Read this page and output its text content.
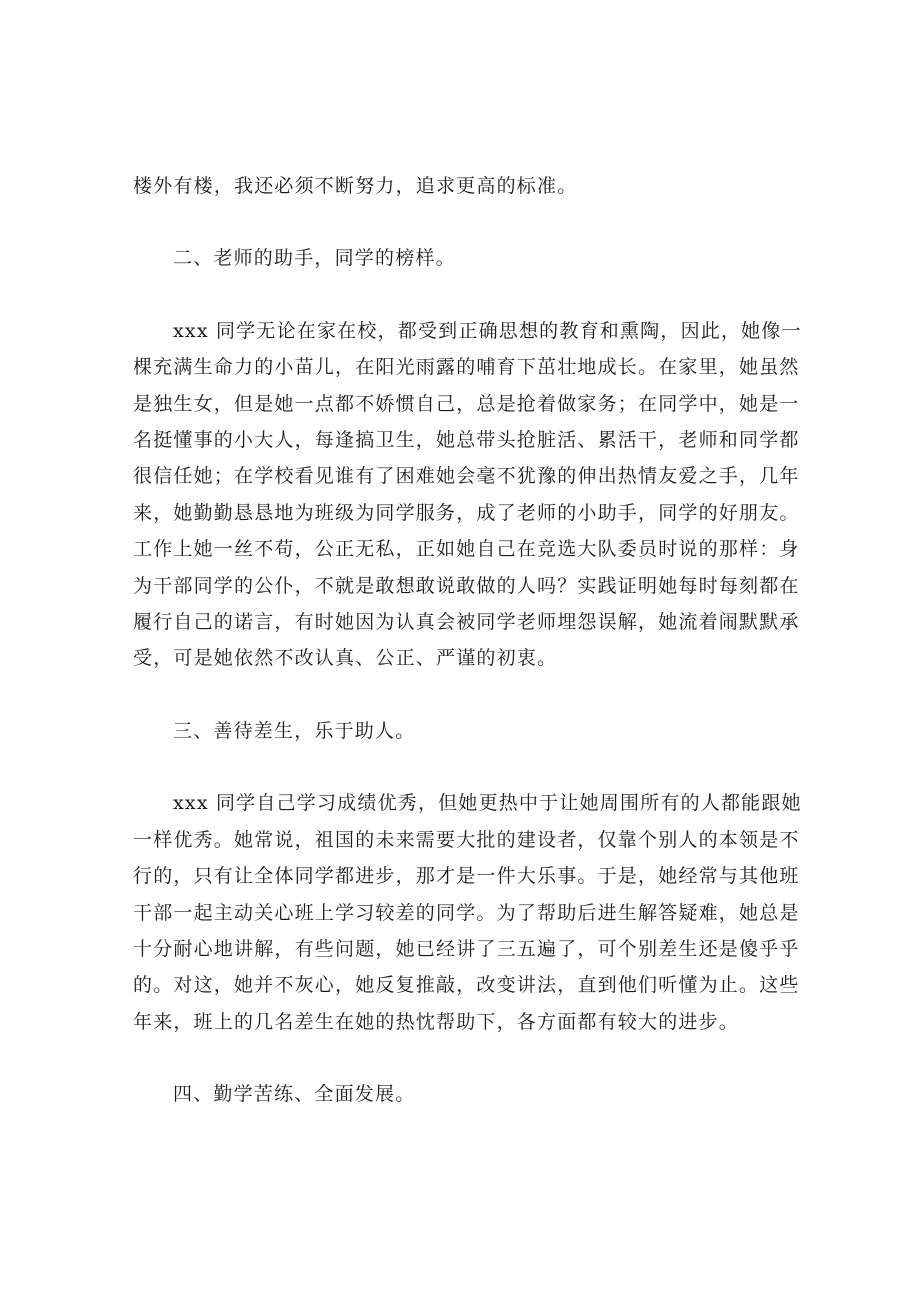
楼外有楼，我还必须不断努力，追求更高的标准。

二、老师的助手，同学的榜样。

xxx 同学无论在家在校，都受到正确思想的教育和熏陶，因此，她像一
棵充满生命力的小苗儿，在阳光雨露的哺育下茁壮地成长。在家里，她虽然
是独生女，但是她一点都不娇惯自己，总是抢着做家务；在同学中，她是一
名挺懂事的小大人，每逢搞卫生，她总带头抢脏活、累活干，老师和同学都
很信任她；在学校看见谁有了困难她会毫不犹豫的伸出热情友爱之手，几年
来，她勤勤恳恳地为班级为同学服务，成了老师的小助手，同学的好朋友。
工作上她一丝不苟，公正无私，正如她自己在竞选大队委员时说的那样：身
为干部同学的公仆，不就是敢想敢说敢做的人吗？实践证明她每时每刻都在
履行自己的诺言，有时她因为认真会被同学老师埋怨误解，她流着闹默默承
受，可是她依然不改认真、公正、严谨的初衷。

三、善待差生，乐于助人。

xxx 同学自己学习成绩优秀，但她更热中于让她周围所有的人都能跟她
一样优秀。她常说，祖国的未来需要大批的建设者，仅靠个别人的本领是不
行的，只有让全体同学都进步，那才是一件大乐事。于是，她经常与其他班
干部一起主动关心班上学习较差的同学。为了帮助后进生解答疑难，她总是
十分耐心地讲解，有些问题，她已经讲了三五遍了，可个别差生还是傻乎乎
的。对这，她并不灰心，她反复推敲，改变讲法，直到他们听懂为止。这些
年来，班上的几名差生在她的热忱帮助下，各方面都有较大的进步。

四、勤学苦练、全面发展。
